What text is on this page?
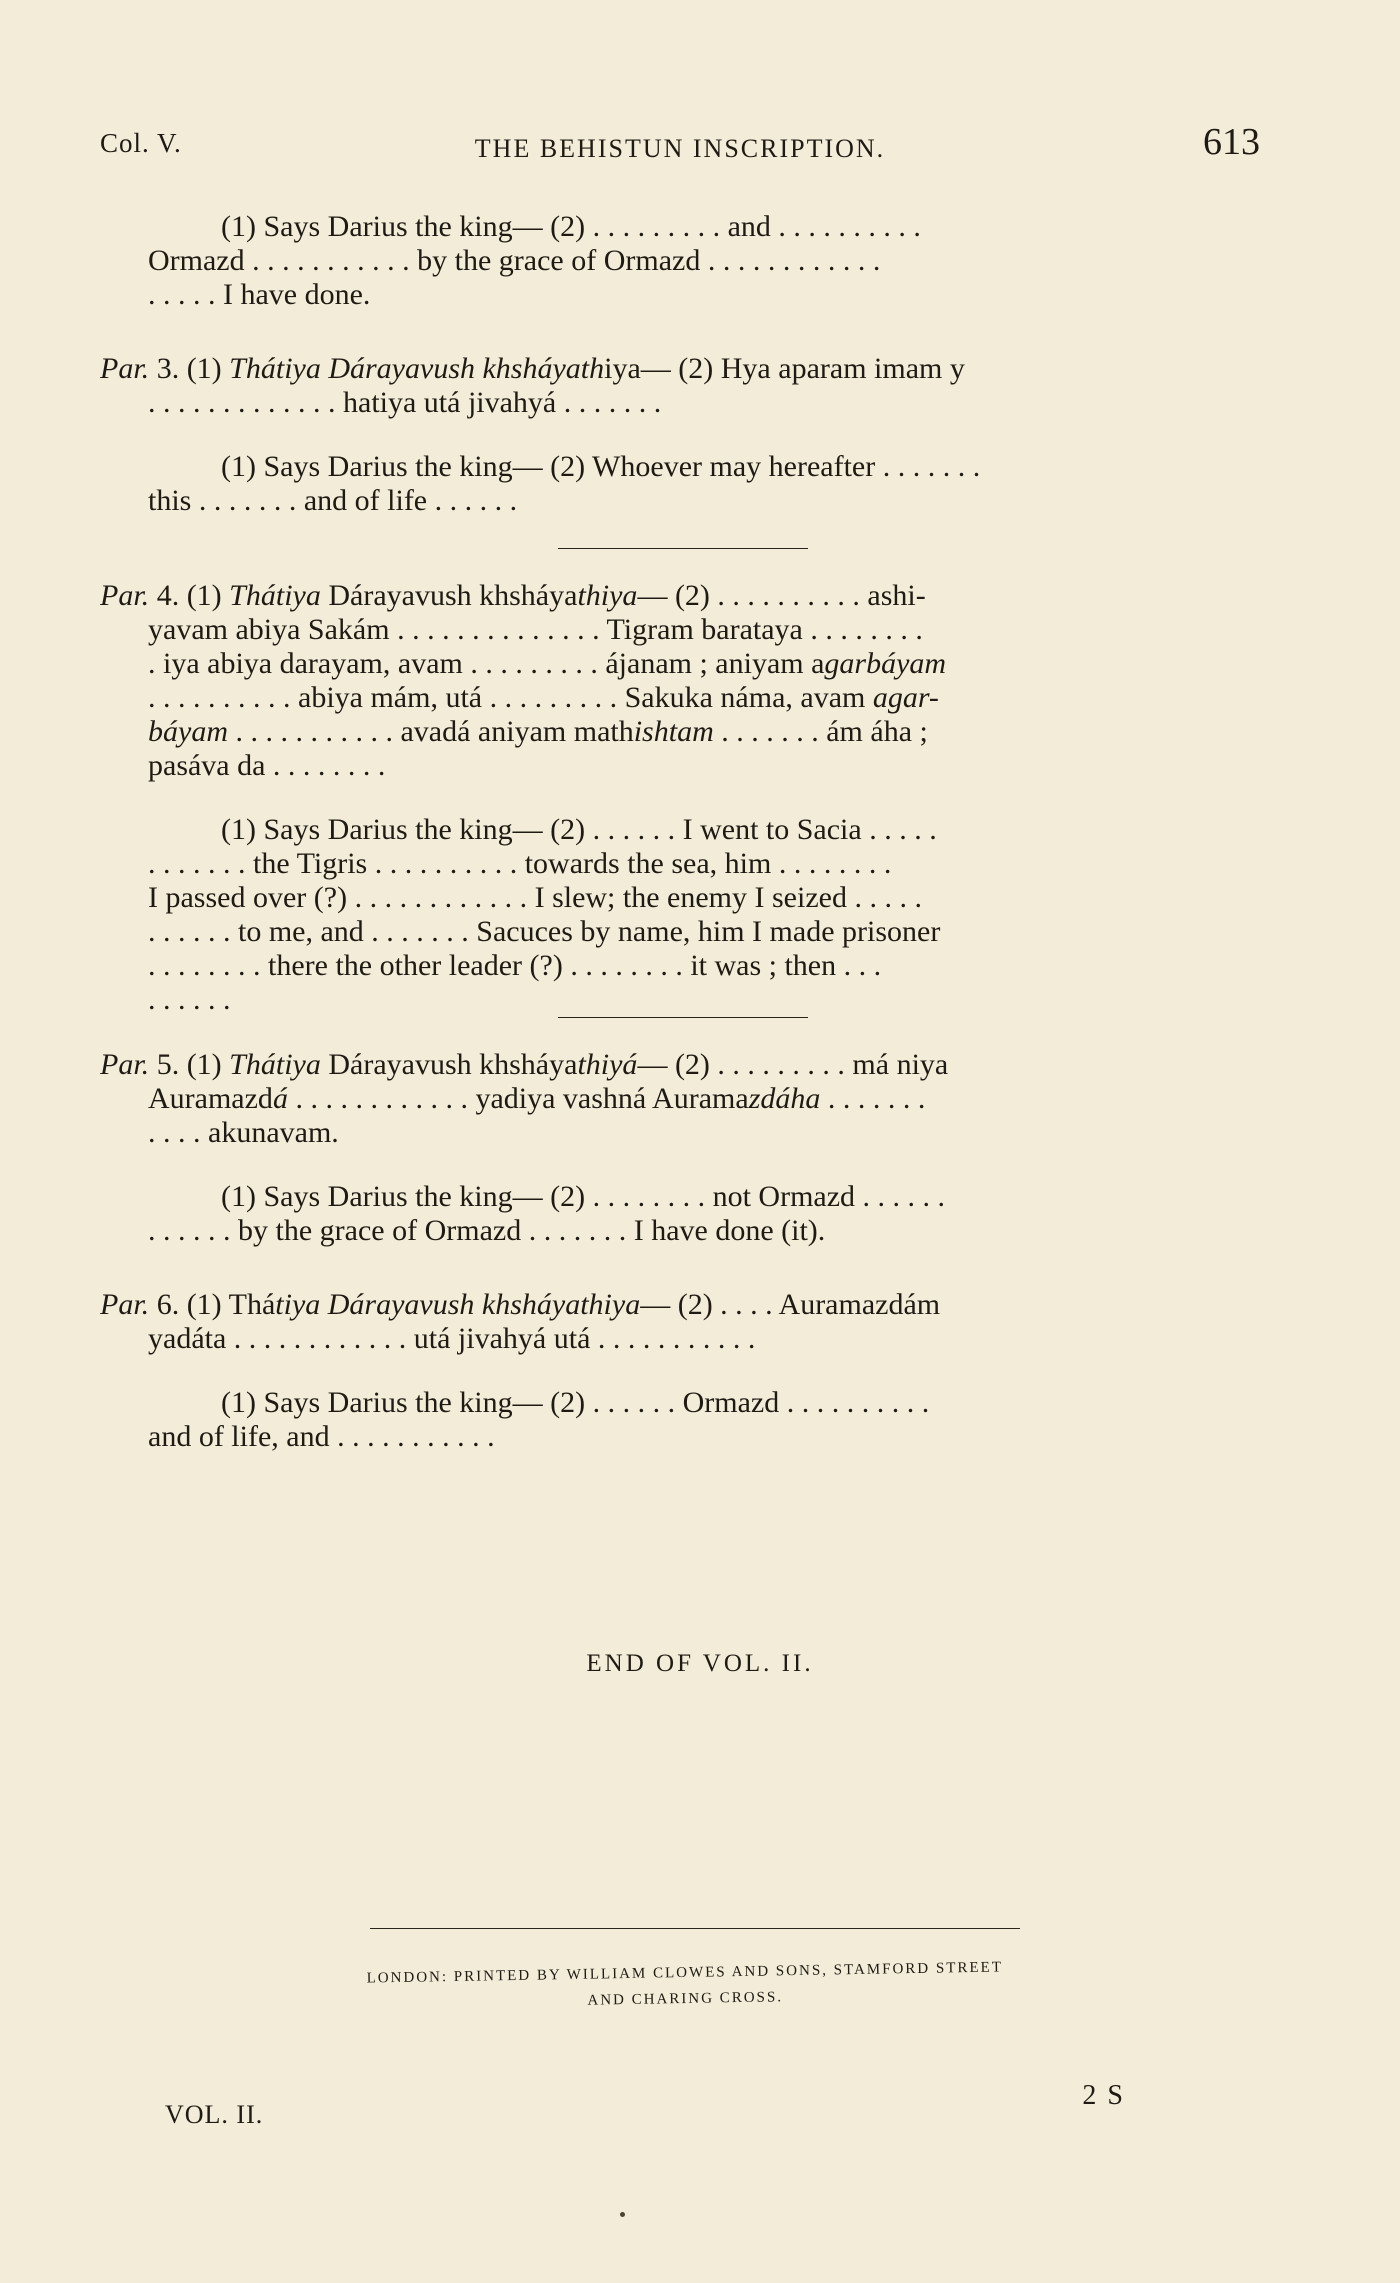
Col. V.	THE BEHISTUN INSCRIPTION.	613
(1) Says Darius the king— (2) . . . . . . . . . and . . . . . . . . . .
Ormazd . . . . . . . . . . . by the grace of Ormazd . . . . . . . . . . . .
. . . . . I have done.
Par. 3. (1) Thátiya Dárayavush khsháyathiya— (2) Hya aparam imam y
. . . . . . . . . . . . . hatiya utá jivahyá . . . . . . .
(1) Says Darius the king— (2) Whoever may hereafter . . . . . . .
this . . . . . . . and of life . . . . . .
Par. 4. (1) Thátiya Dárayavush khsháyathiya— (2) . . . . . . . . . . ashi-
yavam abiya Sakám . . . . . . . . . . . . . . Tigram barataya . . . . . . . .
. iya abiya darayam, avam . . . . . . . . . ájanam ; aniyam agarbáyam
. . . . . . . . . . abiya mám, utá . . . . . . . . . Sakuka náma, avam agar-
báyam . . . . . . . . . . . avadá aniyam mathishtam . . . . . . . ám áha ;
pasáva da . . . . . . . .
(1) Says Darius the king— (2) . . . . . . I went to Sacia . . . . .
. . . . . . . the Tigris . . . . . . . . . . towards the sea, him . . . . . . . .
I passed over (?) . . . . . . . . . . . . I slew; the enemy I seized . . . . .
. . . . . . to me, and . . . . . . . Sacuces by name, him I made prisoner
. . . . . . . . there the other leader (?) . . . . . . . . it was ; then . . .
. . . . . .
Par. 5. (1) Thátiya Dárayavush khsháyathiyá— (2) . . . . . . . . . má niya
Auramazdá . . . . . . . . . . . . yadiya vashná Auramazdáha . . . . . . .
. . . . akunavam.
(1) Says Darius the king— (2) . . . . . . . . not Ormazd . . . . . .
. . . . . . by the grace of Ormazd . . . . . . . I have done (it).
Par. 6. (1) Thátiya Dárayavush khsháyathiya— (2) . . . . Auramazdám
yadáta . . . . . . . . . . . . utá jivahyá utá . . . . . . . . . . .
(1) Says Darius the king— (2) . . . . . . Ormazd . . . . . . . . . .
and of life, and . . . . . . . . . . .
END OF VOL. II.
LONDON: PRINTED BY WILLIAM CLOWES AND SONS, STAMFORD STREET
AND CHARING CROSS.
VOL. II.
2 S
